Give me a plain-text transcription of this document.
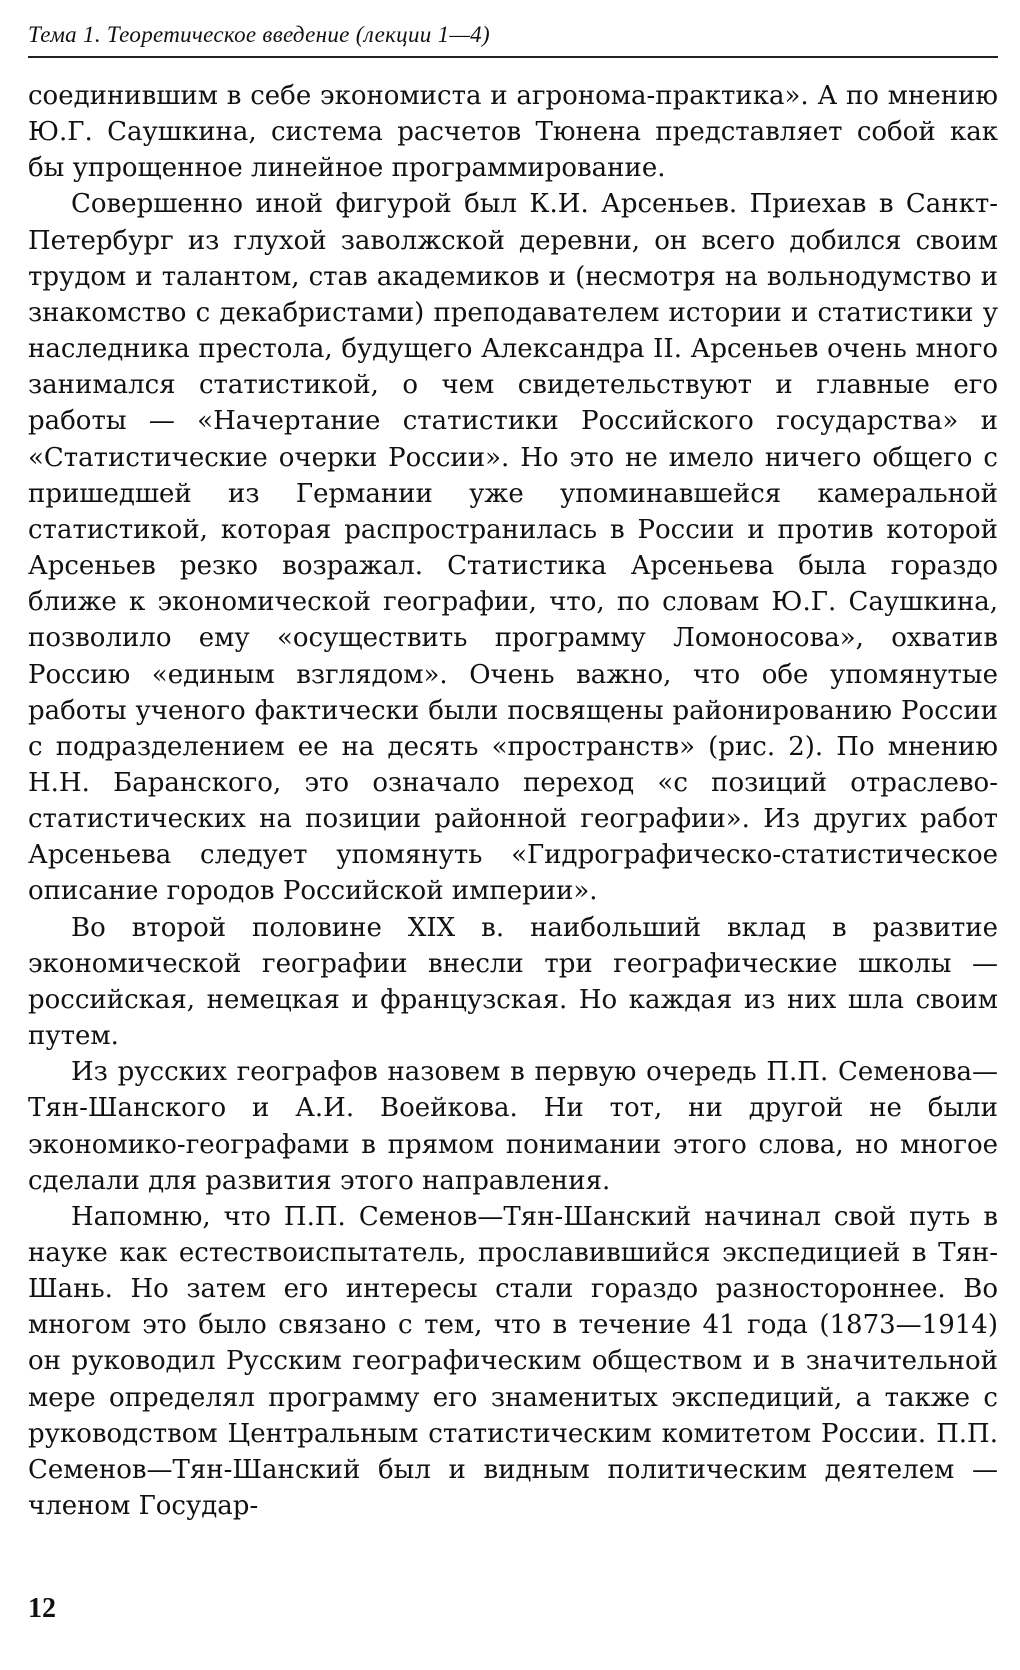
Тема 1. Теоретическое введение (лекции 1—4)

соединившим в себе экономиста и агронома-практика». А по мнению Ю.Г. Саушкина, система расчетов Тюнена представляет собой как бы упрощенное линейное программирование.

Совершенно иной фигурой был К.И. Арсеньев. Приехав в Санкт-Петербург из глухой заволжской деревни, он всего добился своим трудом и талантом, став академиков и (несмотря на вольнодумство и знакомство с декабристами) преподавателем истории и статистики у наследника престола, будущего Александра II. Арсеньев очень много занимался статистикой, о чем свидетельствуют и главные его работы — «Начертание статистики Российского государства» и «Статистические очерки России». Но это не имело ничего общего с пришедшей из Германии уже упоминавшейся камеральной статистикой, которая распространилась в России и против которой Арсеньев резко возражал. Статистика Арсеньева была гораздо ближе к экономической географии, что, по словам Ю.Г. Саушкина, позволило ему «осуществить программу Ломоносова», охватив Россию «единым взглядом». Очень важно, что обе упомянутые работы ученого фактически были посвящены районированию России с подразделением ее на десять «пространств» (рис. 2). По мнению Н.Н. Баранского, это означало переход «с позиций отраслево-статистических на позиции районной географии». Из других работ Арсеньева следует упомянуть «Гидрографическо-статистическое описание городов Российской империи».

Во второй половине XIX в. наибольший вклад в развитие экономической географии внесли три географические школы — российская, немецкая и французская. Но каждая из них шла своим путем.

Из русских географов назовем в первую очередь П.П. Семенова—Тян-Шанского и А.И. Воейкова. Ни тот, ни другой не были экономико-географами в прямом понимании этого слова, но многое сделали для развития этого направления.

Напомню, что П.П. Семенов—Тян-Шанский начинал свой путь в науке как естествоиспытатель, прославившийся экспедицией в Тян-Шань. Но затем его интересы стали гораздо разностороннее. Во многом это было связано с тем, что в течение 41 года (1873—1914) он руководил Русским географическим обществом и в значительной мере определял программу его знаменитых экспедиций, а также с руководством Центральным статистическим комитетом России. П.П. Семенов—Тян-Шанский был и видным политическим деятелем — членом Государ-

12
